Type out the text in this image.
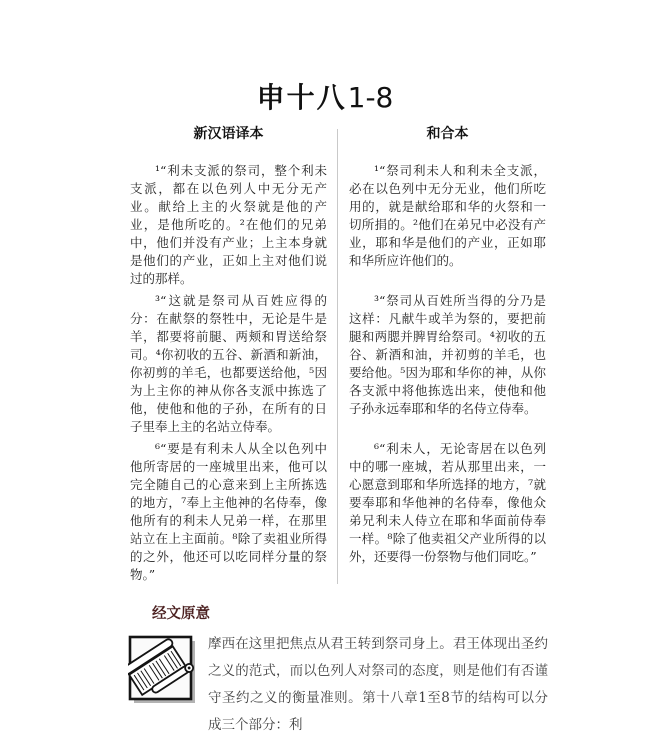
申十八1-8
新汉语译本	和合本

¹“利未支派的祭司，整个利未支派，都在以色列人中无分无产业。献给上主的火祭就是他的产业，是他所吃的。²在他们的兄弟中，他们并没有产业；上主本身就是他们的产业，正如上主对他们说过的那样。

¹“祭司利未人和利未全支派，必在以色列中无分无业，他们所吃用的，就是献给耶和华的火祭和一切所捐的。²他们在弟兄中必没有产业，耶和华是他们的产业，正如耶和华所应许他们的。

³“这就是祭司从百姓应得的分：在献祭的祭牲中，无论是牛是羊，都要将前腿、两颊和胃送给祭司。⁴你初收的五谷、新酒和新油，你初剪的羊毛，也都要送给他，⁵因为上主你的神从你各支派中拣选了他，使他和他的子孙，在所有的日子里奉上主的名站立侍奉。

³“祭司从百姓所当得的分乃是这样：凡献牛或羊为祭的，要把前腿和两腮并脾胃给祭司。⁴初收的五谷、新酒和油，并初剪的羊毛，也要给他。⁵因为耶和华你的神，从你各支派中将他拣选出来，使他和他子孙永远奉耶和华的名侍立侍奉。

⁶“要是有利未人从全以色列中他所寄居的一座城里出来，他可以完全随自己的心意来到上主所拣选的地方，⁷奉上主他神的名侍奉，像他所有的利未人兄弟一样，在那里站立在上主面前。⁸除了卖祖业所得的之外，他还可以吃同样分量的祭物。”

⁶“利未人，无论寄居在以色列中的哪一座城，若从那里出来，一心愿意到耶和华所选择的地方，⁷就要奉耶和华他神的名侍奉，像他众弟兄利未人侍立在耶和华面前侍奉一样。⁸除了他卖祖父产业所得的以外，还要得一份祭物与他们同吃。”

经文原意

摩西在这里把焦点从君王转到祭司身上。君王体现出圣约之义的范式，而以色列人对祭司的态度，则是他们有否谨守圣约之义的衡量准则。第十八章1至8节的结构可以分成三个部分：利
